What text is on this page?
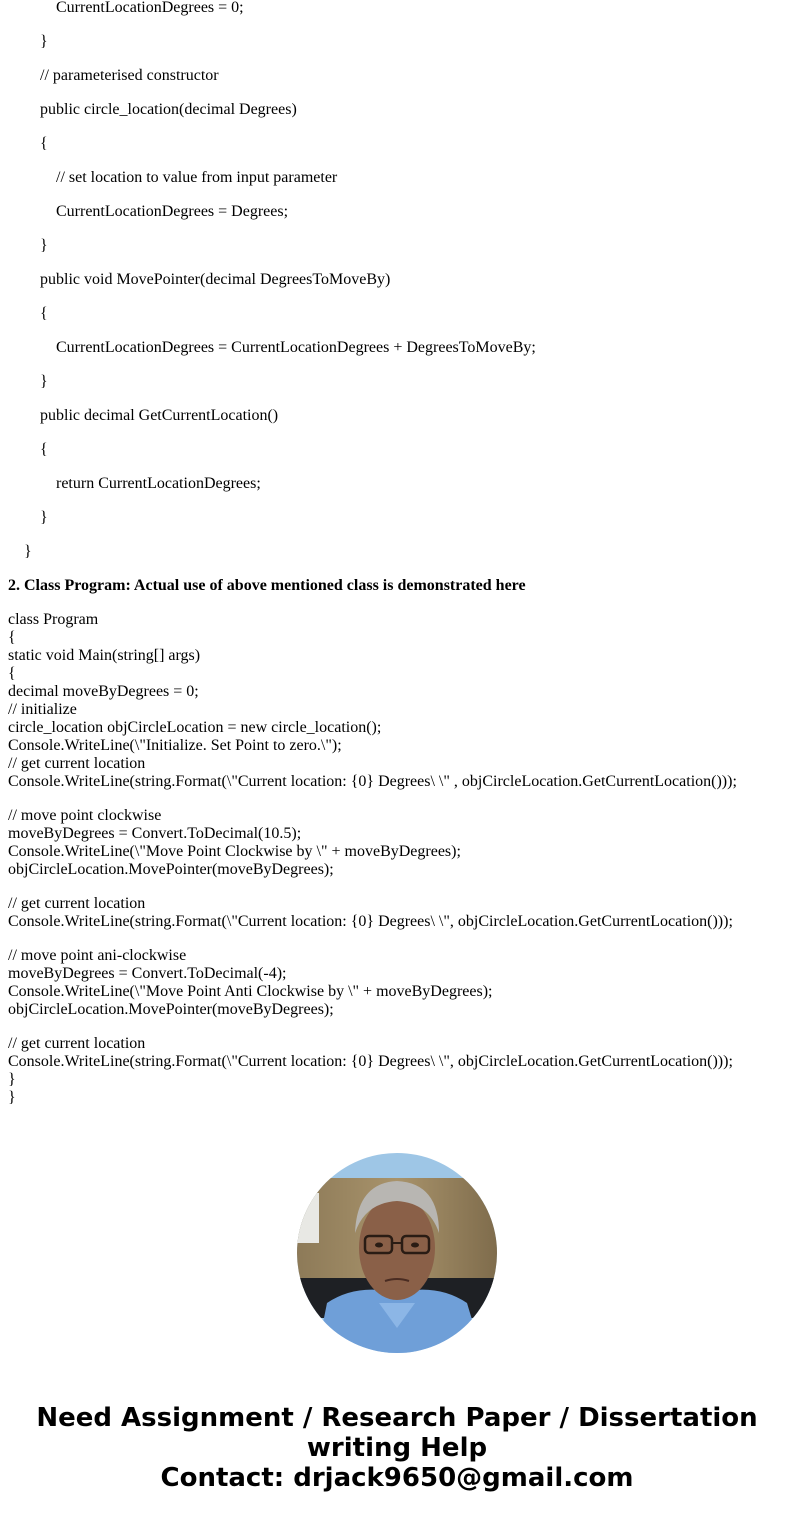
CurrentLocationDegrees = 0;
}
// parameterised constructor
public circle_location(decimal Degrees)
{
// set location to value from input parameter
CurrentLocationDegrees = Degrees;
}
public void MovePointer(decimal DegreesToMoveBy)
{
CurrentLocationDegrees = CurrentLocationDegrees + DegreesToMoveBy;
}
public decimal GetCurrentLocation()
{
return CurrentLocationDegrees;
}
}
2. Class Program: Actual use of above mentioned class is demonstrated here
class Program
{
static void Main(string[] args)
{
decimal moveByDegrees = 0;
// initialize
circle_location objCircleLocation = new circle_location();
Console.WriteLine(\"Initialize. Set Point to zero.\");
// get current location
Console.WriteLine(string.Format(\"Current location: {0} Degrees\ \" , objCircleLocation.GetCurrentLocation()));
// move point clockwise
moveByDegrees = Convert.ToDecimal(10.5);
Console.WriteLine(\"Move Point Clockwise by \" + moveByDegrees);
objCircleLocation.MovePointer(moveByDegrees);
// get current location
Console.WriteLine(string.Format(\"Current location: {0} Degrees\ \", objCircleLocation.GetCurrentLocation()));
// move point ani-clockwise
moveByDegrees = Convert.ToDecimal(-4);
Console.WriteLine(\"Move Point Anti Clockwise by \" + moveByDegrees);
objCircleLocation.MovePointer(moveByDegrees);
// get current location
Console.WriteLine(string.Format(\"Current location: {0} Degrees\ \", objCircleLocation.GetCurrentLocation()));
}
}
Need Assignment / Research Paper / Dissertation
writing Help
Contact: drjack9650@gmail.com
